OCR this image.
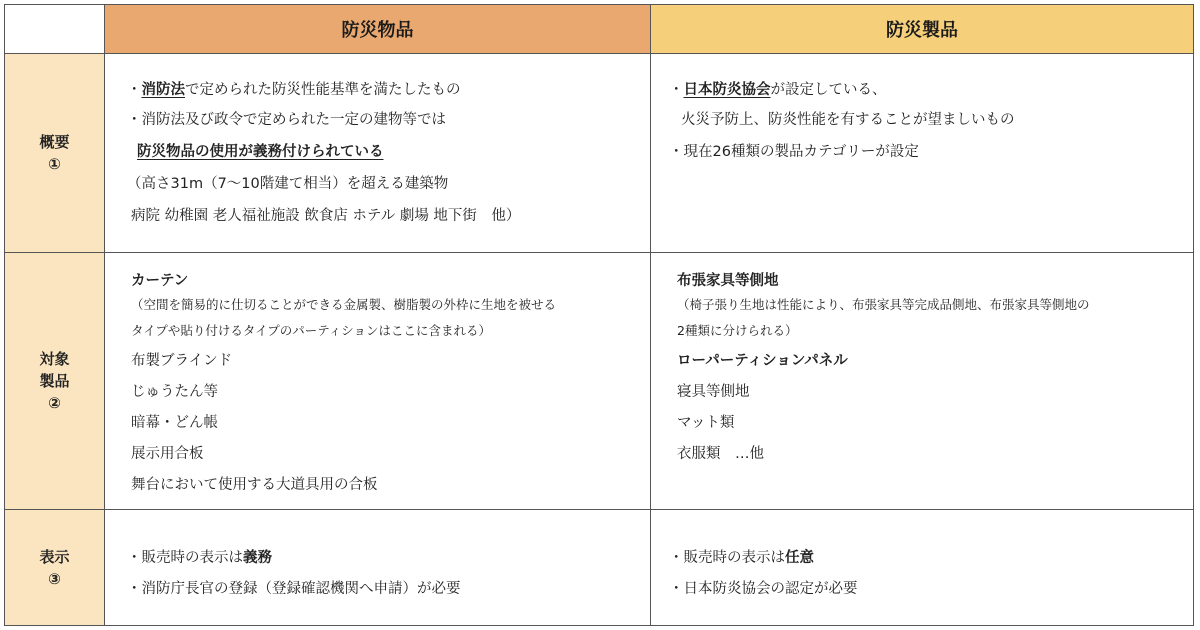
防災物品	防災製品
概要
①
対象
製品
②
表示
③
・消防法で定められた防災性能基準を満たしたもの
・消防法及び政令で定められた一定の建物等では
防災物品の使用が義務付けられている
（高さ31m（7～10階建て相当）を超える建築物
病院 幼稚園 老人福祉施設 飲食店 ホテル 劇場 地下街　他）
・日本防炎協会が設定している、
火災予防上、防炎性能を有することが望ましいもの
・現在26種類の製品カテゴリーが設定
カーテン
（空間を簡易的に仕切ることができる金属製、樹脂製の外枠に生地を被せる
タイプや貼り付けるタイプのパーティションはここに含まれる）
布製ブラインド
じゅうたん等
暗幕・どん帳
展示用合板
舞台において使用する大道具用の合板
布張家具等側地
（椅子張り生地は性能により、布張家具等完成品側地、布張家具等側地の
2種類に分けられる）
ローパーティションパネル
寝具等側地
マット類
衣服類　…他
・販売時の表示は義務
・消防庁長官の登録（登録確認機関へ申請）が必要
・販売時の表示は任意
・日本防炎協会の認定が必要
